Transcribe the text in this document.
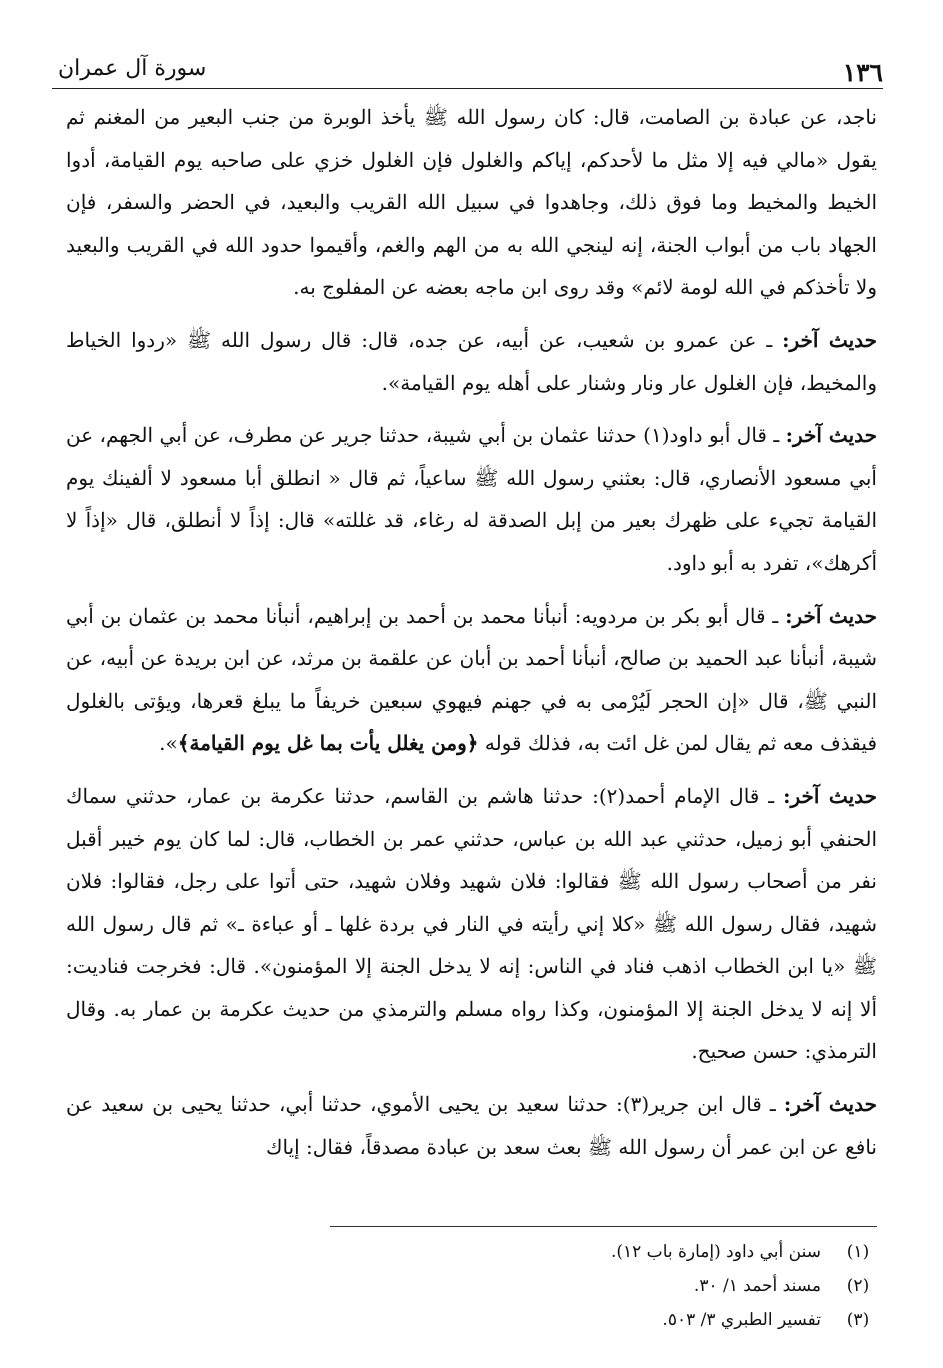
١٣٦
سورة آل عمران

ناجد، عن عبادة بن الصامت، قال: كان رسول الله ﷺ يأخذ الوبرة من جنب البعير من المغنم ثم يقول «مالي فيه إلا مثل ما لأحدكم، إياكم والغلول فإن الغلول خزي على صاحبه يوم القيامة، أدوا الخيط والمخيط وما فوق ذلك، وجاهدوا في سبيل الله القريب والبعيد، في الحضر والسفر، فإن الجهاد باب من أبواب الجنة، إنه لينجي الله به من الهم والغم، وأقيموا حدود الله في القريب والبعيد ولا تأخذكم في الله لومة لائم» وقد روى ابن ماجه بعضه عن المفلوج به.

حديث آخر: ـ عن عمرو بن شعيب، عن أبيه، عن جده، قال: قال رسول الله ﷺ «ردوا الخياط والمخيط، فإن الغلول عار ونار وشنار على أهله يوم القيامة».

حديث آخر: ـ قال أبو داود(١) حدثنا عثمان بن أبي شيبة، حدثنا جرير عن مطرف، عن أبي الجهم، عن أبي مسعود الأنصاري، قال: بعثني رسول الله ﷺ ساعياً، ثم قال « انطلق أبا مسعود لا ألفينك يوم القيامة تجيء على ظهرك بعير من إبل الصدقة له رغاء، قد غللته» قال: إذاً لا أنطلق، قال «إذاً لا أكرهك»، تفرد به أبو داود.

حديث آخر: ـ قال أبو بكر بن مردويه: أنبأنا محمد بن أحمد بن إبراهيم، أنبأنا محمد بن عثمان بن أبي شيبة، أنبأنا عبد الحميد بن صالح، أنبأنا أحمد بن أبان عن علقمة بن مرثد، عن ابن بريدة عن أبيه، عن النبي ﷺ، قال «إن الحجر لَيُرْمى به في جهنم فيهوي سبعين خريفاً ما يبلغ قعرها، ويؤتى بالغلول فيقذف معه ثم يقال لمن غل ائت به، فذلك قوله ﴿ومن يغلل يأت بما غل يوم القيامة﴾».

حديث آخر: ـ قال الإمام أحمد(٢): حدثنا هاشم بن القاسم، حدثنا عكرمة بن عمار، حدثني سماك الحنفي أبو زميل، حدثني عبد الله بن عباس، حدثني عمر بن الخطاب، قال: لما كان يوم خيبر أقبل نفر من أصحاب رسول الله ﷺ فقالوا: فلان شهيد وفلان شهيد، حتى أتوا على رجل، فقالوا: فلان شهيد، فقال رسول الله ﷺ «كلا إني رأيته في النار في بردة غلها ـ أو عباءة ـ» ثم قال رسول الله ﷺ «يا ابن الخطاب اذهب فناد في الناس: إنه لا يدخل الجنة إلا المؤمنون». قال: فخرجت فناديت: ألا إنه لا يدخل الجنة إلا المؤمنون، وكذا رواه مسلم والترمذي من حديث عكرمة بن عمار به. وقال الترمذي: حسن صحيح.

حديث آخر: ـ قال ابن جرير(٣): حدثنا سعيد بن يحيى الأموي، حدثنا أبي، حدثنا يحيى بن سعيد عن نافع عن ابن عمر أن رسول الله ﷺ بعث سعد بن عبادة مصدقاً، فقال: إياك

(١)
سنن أبي داود (إمارة باب ١٢).
(٢)
مسند أحمد ١/ ٣٠.
(٣)
تفسير الطبري ٣/ ٥٠٣.
